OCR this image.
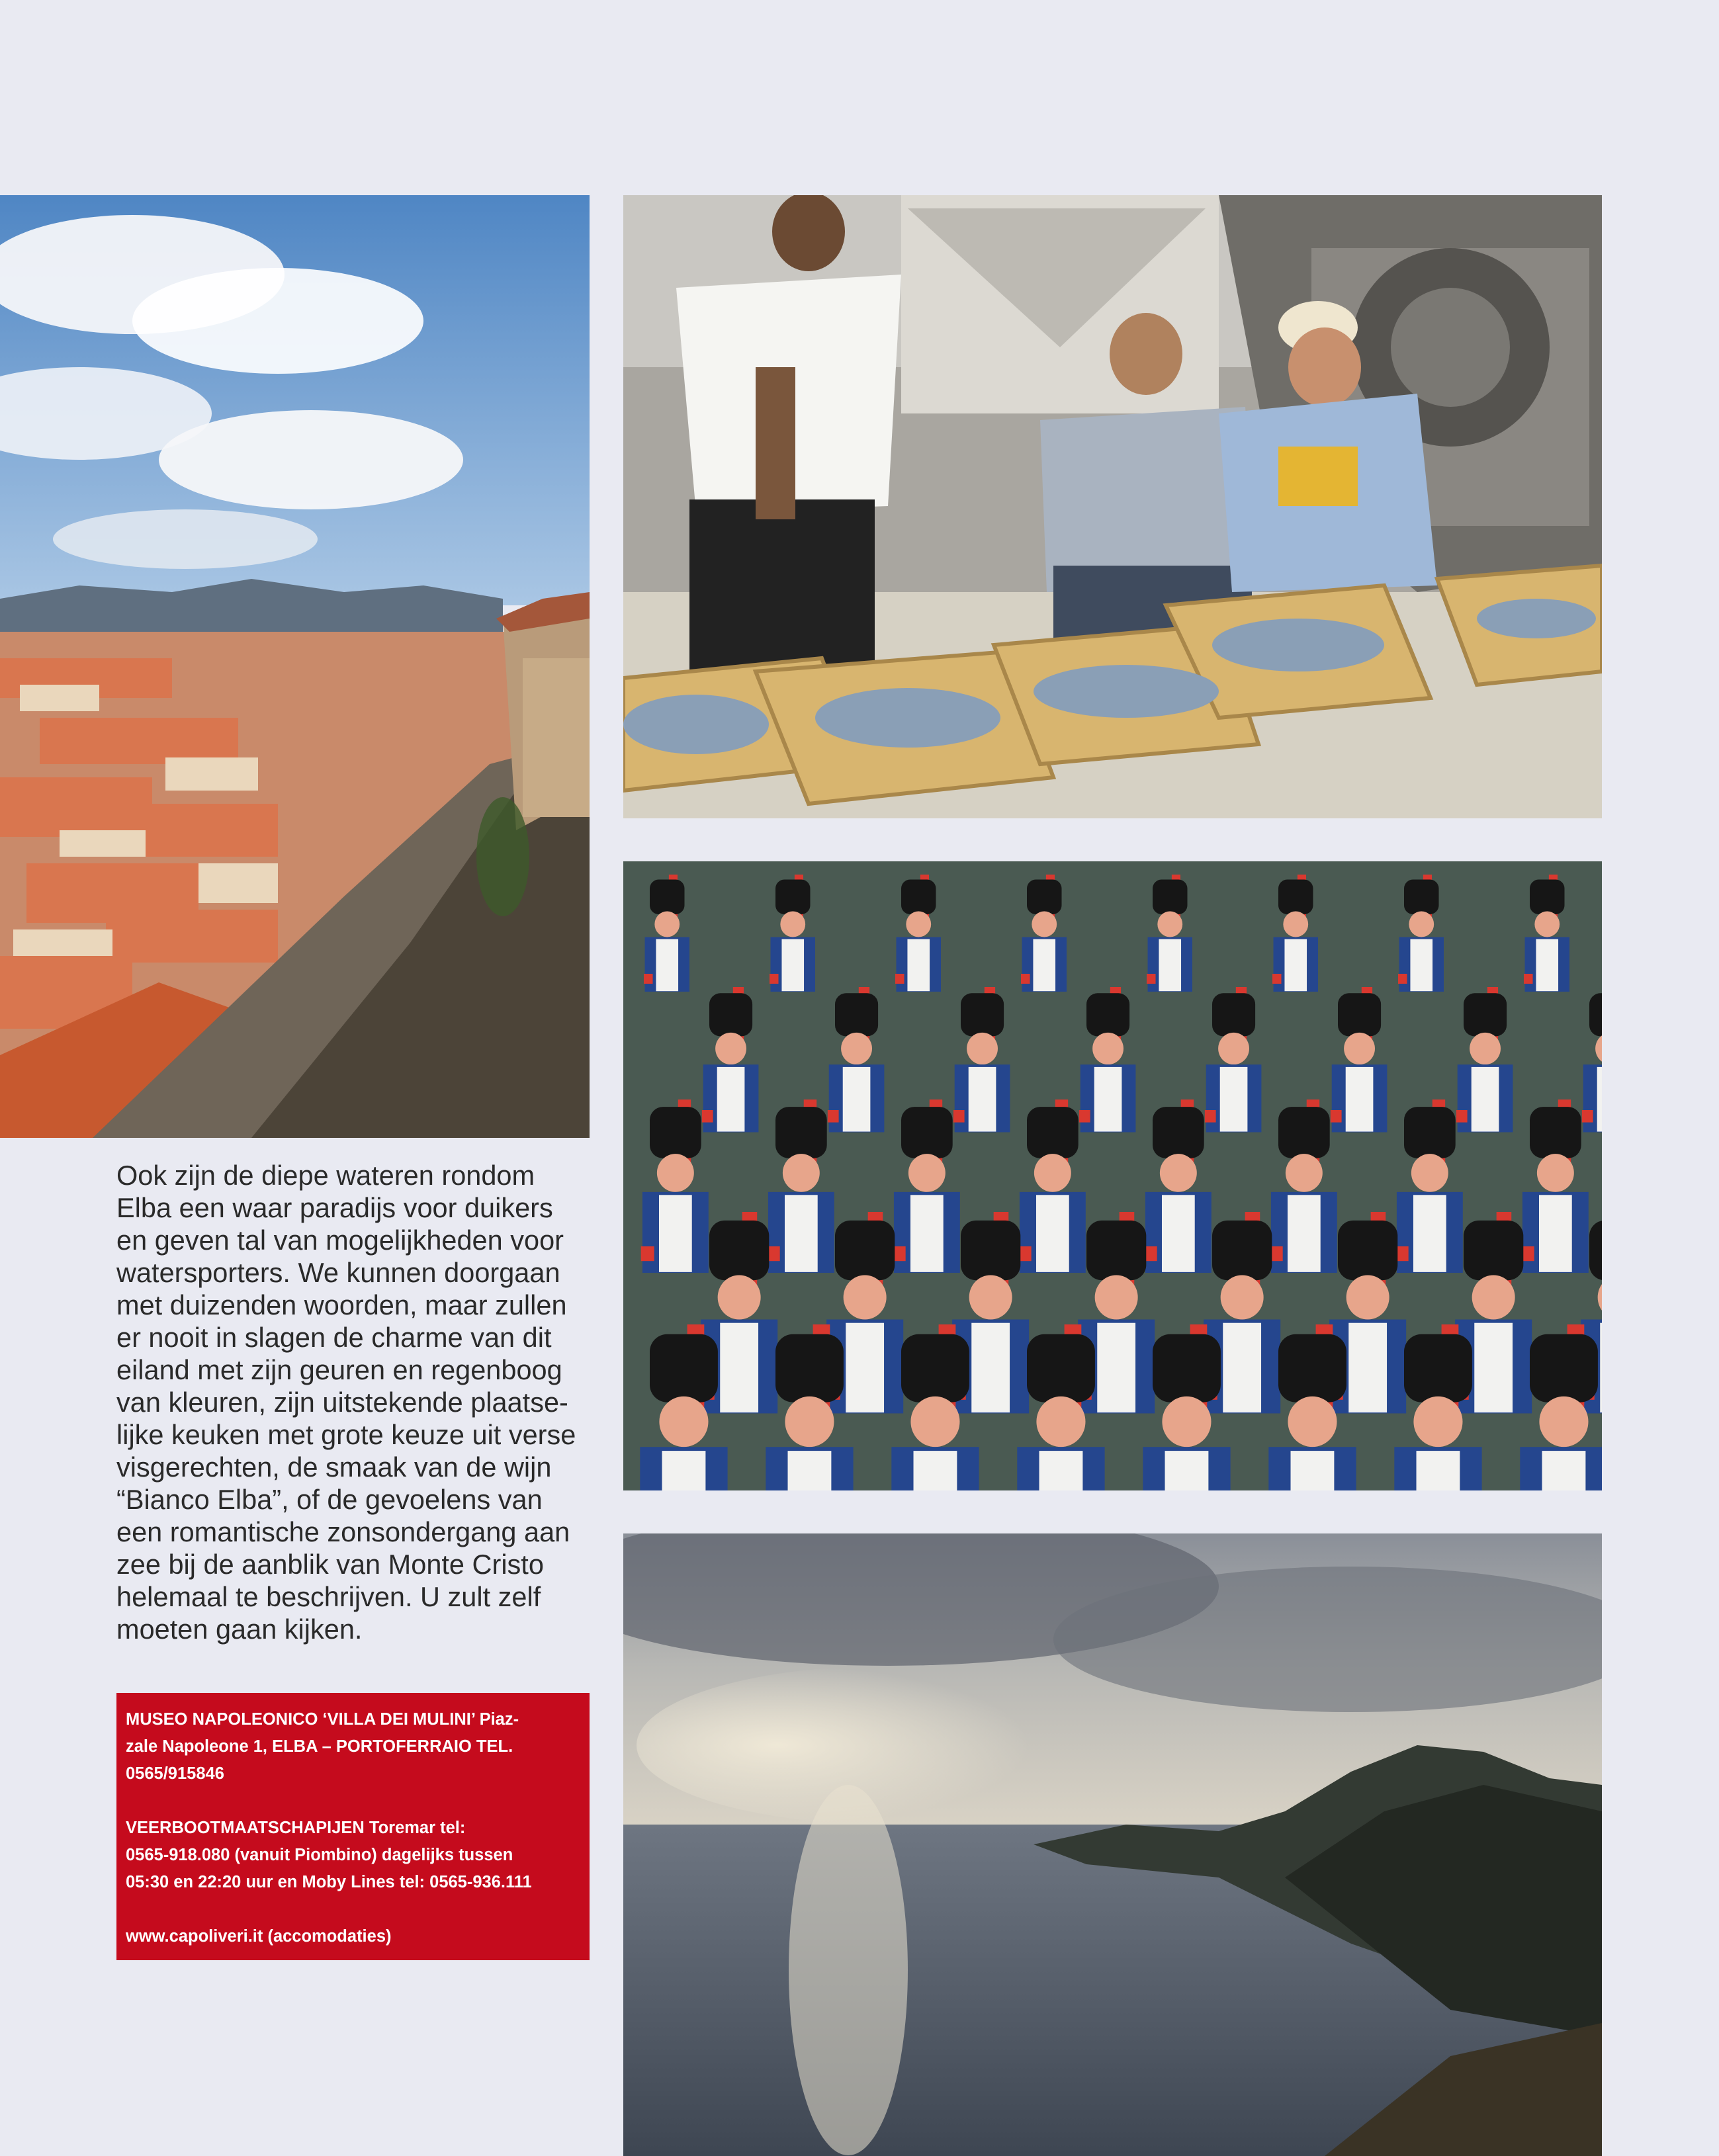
Ook zijn de diepe wateren rondom
Elba een waar paradijs voor duikers
en geven tal van mogelijkheden voor
watersporters. We kunnen doorgaan
met duizenden woorden, maar zullen
er nooit in slagen de charme van dit
eiland met zijn geuren en regenboog
van kleuren, zijn uitstekende plaatse-
lijke keuken met grote keuze uit verse
visgerechten, de smaak van de wijn
“Bianco Elba”, of de gevoelens van
een romantische zonsondergang aan
zee bij de aanblik van Monte Cristo
helemaal te beschrijven. U zult zelf
moeten gaan kijken.

MUSEO NAPOLEONICO ‘VILLA DEI MULINI’ Piaz-
zale Napoleone 1, ELBA – PORTOFERRAIO TEL.
0565/915846

VEERBOOTMAATSCHAPIJEN Toremar tel:
0565-918.080 (vanuit Piombino) dagelijks tussen
05:30 en 22:20 uur en Moby Lines tel: 0565-936.111

www.capoliveri.it (accomodaties)
